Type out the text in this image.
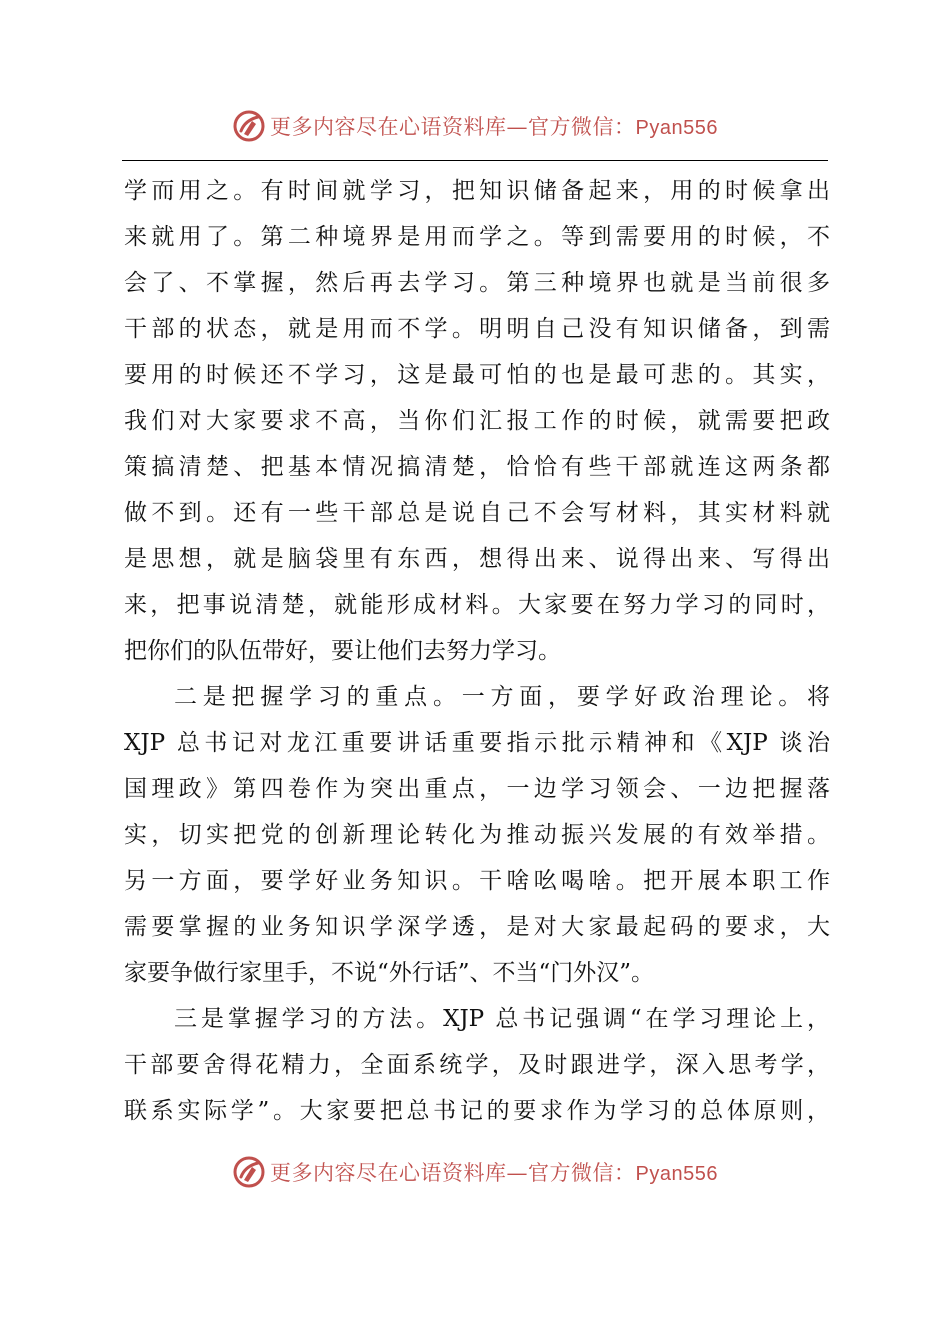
更多内容尽在心语资料库—官方微信：Pyan556
学而用之。有时间就学习，把知识储备起来，用的时候拿出
来就用了。第二种境界是用而学之。等到需要用的时候，不
会了、不掌握，然后再去学习。第三种境界也就是当前很多
干部的状态，就是用而不学。明明自己没有知识储备，到需
要用的时候还不学习，这是最可怕的也是最可悲的。其实，
我们对大家要求不高，当你们汇报工作的时候，就需要把政
策搞清楚、把基本情况搞清楚，恰恰有些干部就连这两条都
做不到。还有一些干部总是说自己不会写材料，其实材料就
是思想，就是脑袋里有东西，想得出来、说得出来、写得出
来，把事说清楚，就能形成材料。大家要在努力学习的同时，
把你们的队伍带好，要让他们去努力学习。
二是把握学习的重点。一方面，要学好政治理论。将
XJP 总书记对龙江重要讲话重要指示批示精神和《XJP 谈治
国理政》第四卷作为突出重点，一边学习领会、一边把握落
实，切实把党的创新理论转化为推动振兴发展的有效举措。
另一方面，要学好业务知识。干啥吆喝啥。把开展本职工作
需要掌握的业务知识学深学透，是对大家最起码的要求，大
家要争做行家里手，不说“外行话”、不当“门外汉”。
三是掌握学习的方法。XJP 总书记强调“在学习理论上，
干部要舍得花精力，全面系统学，及时跟进学，深入思考学，
联系实际学”。大家要把总书记的要求作为学习的总体原则，
更多内容尽在心语资料库—官方微信：Pyan556
